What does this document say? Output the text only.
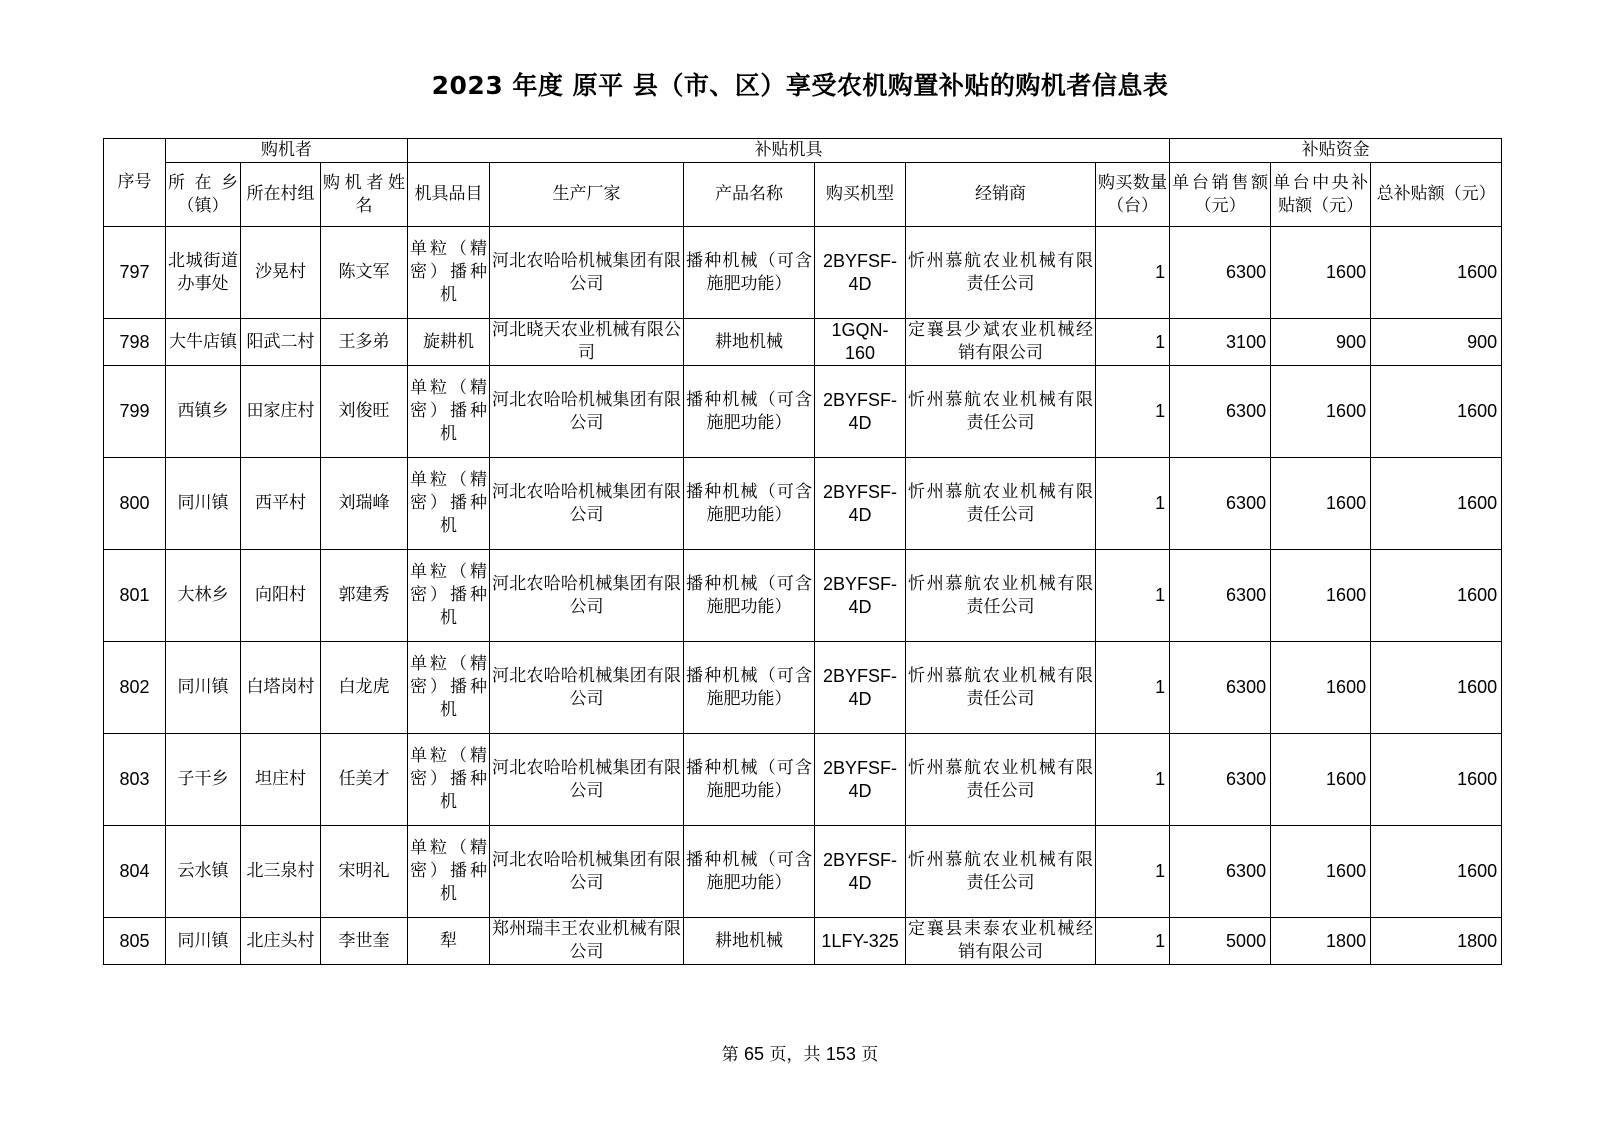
2023 年度 原平 县（市、区）享受农机购置补贴的购机者信息表
序号	购机者			补贴机具						补贴资金		
	所在乡（镇）	所在村组	购机者姓名	机具品目	生产厂家	产品名称	购买机型	经销商	购买数量（台）	单台销售额（元）	单台中央补贴额（元）	总补贴额（元）
797	北城街道办事处	沙晃村	陈文军	单粒（精密）播种机	河北农哈哈机械集团有限公司	播种机械（可含施肥功能）	2BYFSF-4D	忻州慕航农业机械有限责任公司	1	6300	1600	1600
798	大牛店镇	阳武二村	王多弟	旋耕机	河北晓天农业机械有限公司	耕地机械	1GQN-160	定襄县少斌农业机械经销有限公司	1	3100	900	900
799	西镇乡	田家庄村	刘俊旺	单粒（精密）播种机	河北农哈哈机械集团有限公司	播种机械（可含施肥功能）	2BYFSF-4D	忻州慕航农业机械有限责任公司	1	6300	1600	1600
800	同川镇	西平村	刘瑞峰	单粒（精密）播种机	河北农哈哈机械集团有限公司	播种机械（可含施肥功能）	2BYFSF-4D	忻州慕航农业机械有限责任公司	1	6300	1600	1600
801	大林乡	向阳村	郭建秀	单粒（精密）播种机	河北农哈哈机械集团有限公司	播种机械（可含施肥功能）	2BYFSF-4D	忻州慕航农业机械有限责任公司	1	6300	1600	1600
802	同川镇	白塔岗村	白龙虎	单粒（精密）播种机	河北农哈哈机械集团有限公司	播种机械（可含施肥功能）	2BYFSF-4D	忻州慕航农业机械有限责任公司	1	6300	1600	1600
803	子干乡	坦庄村	任美才	单粒（精密）播种机	河北农哈哈机械集团有限公司	播种机械（可含施肥功能）	2BYFSF-4D	忻州慕航农业机械有限责任公司	1	6300	1600	1600
804	云水镇	北三泉村	宋明礼	单粒（精密）播种机	河北农哈哈机械集团有限公司	播种机械（可含施肥功能）	2BYFSF-4D	忻州慕航农业机械有限责任公司	1	6300	1600	1600
805	同川镇	北庄头村	李世奎	犁	郑州瑞丰王农业机械有限公司	耕地机械	1LFY-325	定襄县耒泰农业机械经销有限公司	1	5000	1800	1800
第 65 页，共 153 页
